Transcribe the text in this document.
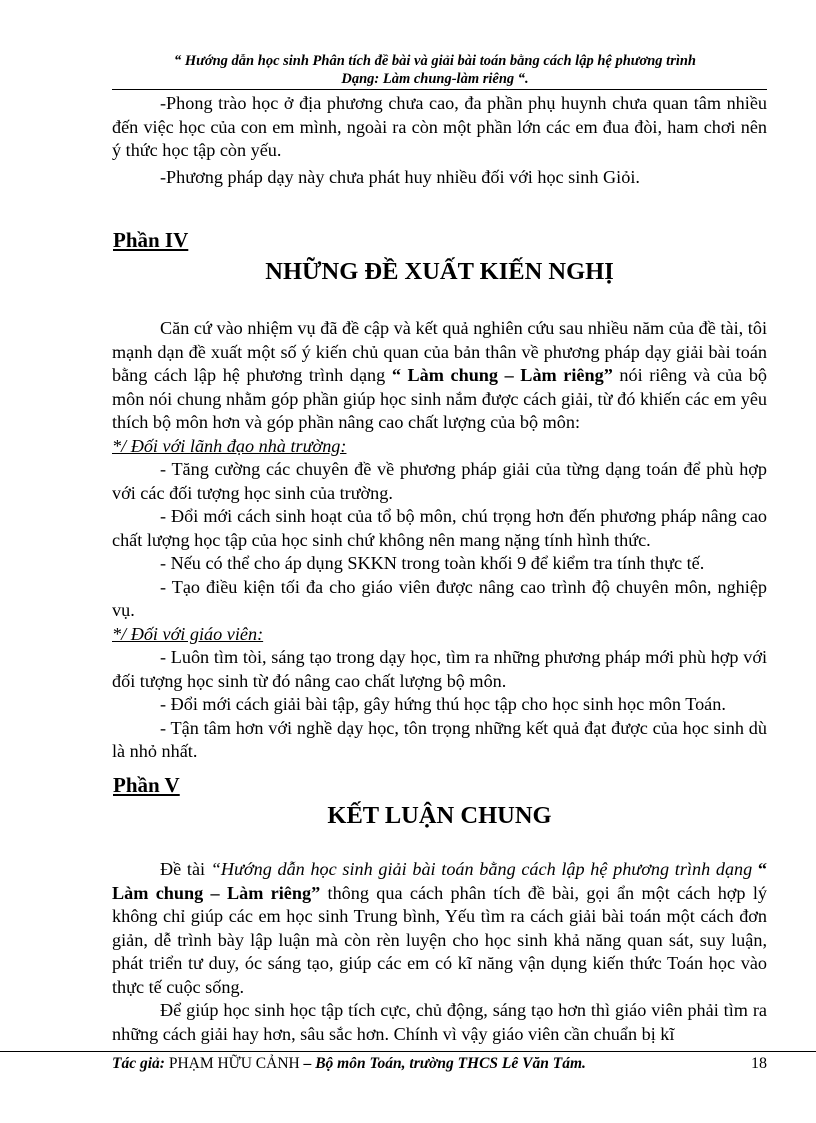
“ Hướng dẫn học sinh Phân tích đề bài và giải bài toán bằng cách lập hệ phương trình
Dạng: Làm chung-làm riêng “.

-Phong trào học ở địa phương chưa cao, đa phần phụ huynh chưa quan tâm nhiều đến việc học của con em mình, ngoài ra còn một phần lớn các em đua đòi, ham chơi nên ý thức học tập còn yếu.

-Phương pháp dạy này chưa phát huy nhiều đối với học sinh Giỏi.

Phần IV
NHỮNG ĐỀ XUẤT KIẾN NGHỊ

Căn cứ vào nhiệm vụ đã đề cập và kết quả nghiên cứu sau nhiều năm của đề tài, tôi mạnh dạn đề xuất một số ý kiến chủ quan của bản thân về phương pháp dạy giải bài toán bằng cách lập hệ phương trình dạng “ Làm chung – Làm riêng” nói riêng và của bộ môn nói chung nhằm góp phần giúp học sinh nắm được cách giải, từ đó khiến các em yêu thích bộ môn hơn và góp phần nâng cao chất lượng của bộ môn:

*/ Đối với lãnh đạo nhà trường:

- Tăng cường các chuyên đề về phương pháp giải của từng dạng toán để phù hợp với các đối tượng học sinh của trường.

- Đổi mới cách sinh hoạt của tổ bộ môn, chú trọng hơn đến phương pháp nâng cao chất lượng học tập của học sinh chứ không nên mang nặng tính hình thức.

- Nếu có thể cho áp dụng SKKN trong toàn khối 9 để kiểm tra tính thực tế.

- Tạo điều kiện tối đa cho giáo viên được nâng cao trình độ chuyên môn, nghiệp vụ.

*/ Đối với giáo viên:

- Luôn tìm tòi, sáng tạo trong dạy học, tìm ra những phương pháp mới phù hợp với đối tượng học sinh từ đó nâng cao chất lượng bộ môn.

- Đổi mới cách giải bài tập, gây hứng thú học tập cho học sinh học môn Toán.

- Tận tâm hơn với nghề dạy học, tôn trọng những kết quả đạt được của học sinh dù là nhỏ nhất.

Phần V
KẾT LUẬN CHUNG

Đề tài “Hướng dẫn học sinh giải bài toán bằng cách lập hệ phương trình dạng “ Làm chung – Làm riêng” thông qua cách phân tích đề bài, gọi ẩn một cách hợp lý không chỉ giúp các em học sinh Trung bình, Yếu tìm ra cách giải bài toán một cách đơn giản, dễ trình bày lập luận mà còn rèn luyện cho học sinh khả năng quan sát, suy luận, phát triển tư duy, óc sáng tạo, giúp các em có kĩ năng vận dụng kiến thức Toán học vào thực tế cuộc sống.

Để giúp học sinh học tập tích cực, chủ động, sáng tạo hơn thì giáo viên phải tìm ra những cách giải hay hơn, sâu sắc hơn. Chính vì vậy giáo viên cần chuẩn bị kĩ

Tác giả: PHẠM HỮU CẢNH – Bộ môn Toán, trường THCS Lê Văn Tám.	18
